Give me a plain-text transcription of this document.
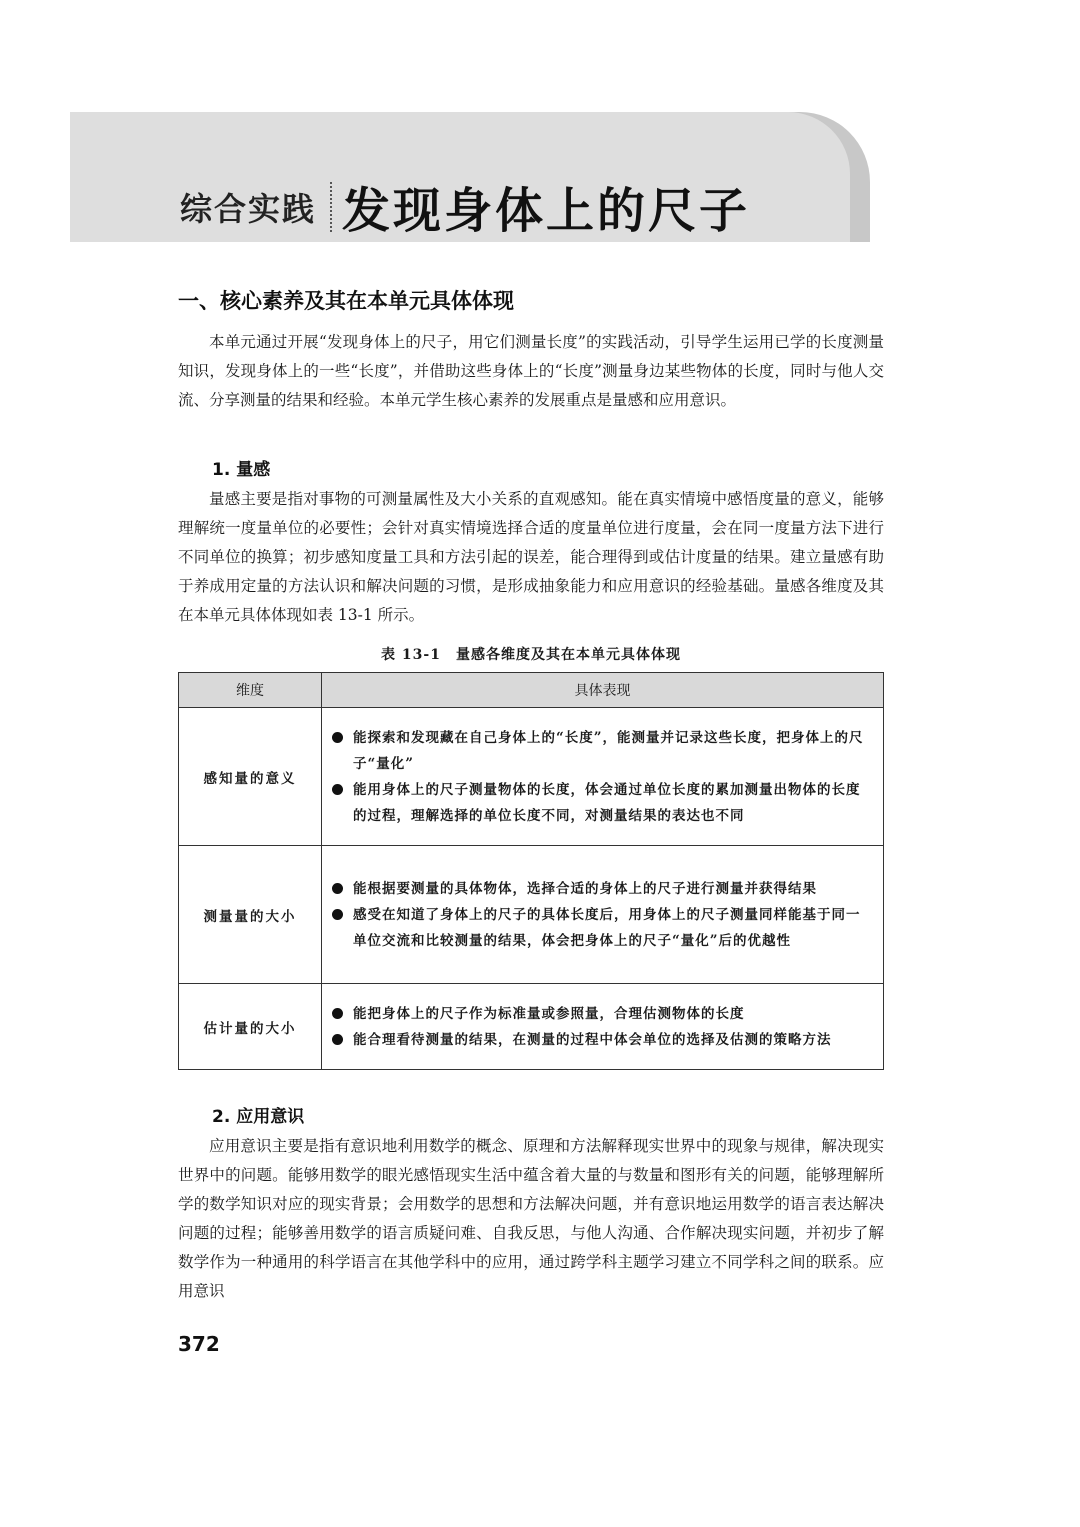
综合实践 发现身体上的尺子
一、核心素养及其在本单元具体体现
本单元通过开展“发现身体上的尺子，用它们测量长度”的实践活动，引导学生运用已学的长度测量知识，发现身体上的一些“长度”，并借助这些身体上的“长度”测量身边某些物体的长度，同时与他人交流、分享测量的结果和经验。本单元学生核心素养的发展重点是量感和应用意识。
1. 量感
量感主要是指对事物的可测量属性及大小关系的直观感知。能在真实情境中感悟度量的意义，能够理解统一度量单位的必要性；会针对真实情境选择合适的度量单位进行度量，会在同一度量方法下进行不同单位的换算；初步感知度量工具和方法引起的误差，能合理得到或估计度量的结果。建立量感有助于养成用定量的方法认识和解决问题的习惯，是形成抽象能力和应用意识的经验基础。量感各维度及其在本单元具体体现如表 13-1 所示。
表 13-1　量感各维度及其在本单元具体体现
维度	具体表现
感知量的意义	能探索和发现藏在自己身体上的“长度”，能测量并记录这些长度，把身体上的尺子“量化”
能用身体上的尺子测量物体的长度，体会通过单位长度的累加测量出物体的长度的过程，理解选择的单位长度不同，对测量结果的表达也不同

测量量的大小	能根据要测量的具体物体，选择合适的身体上的尺子进行测量并获得结果
感受在知道了身体上的尺子的具体长度后，用身体上的尺子测量同样能基于同一单位交流和比较测量的结果，体会把身体上的尺子“量化”后的优越性

估计量的大小	能把身体上的尺子作为标准量或参照量，合理估测物体的长度
能合理看待测量的结果，在测量的过程中体会单位的选择及估测的策略方法
2. 应用意识
应用意识主要是指有意识地利用数学的概念、原理和方法解释现实世界中的现象与规律，解决现实世界中的问题。能够用数学的眼光感悟现实生活中蕴含着大量的与数量和图形有关的问题，能够理解所学的数学知识对应的现实背景；会用数学的思想和方法解决问题，并有意识地运用数学的语言表达解决问题的过程；能够善用数学的语言质疑问难、自我反思，与他人沟通、合作解决现实问题，并初步了解数学作为一种通用的科学语言在其他学科中的应用，通过跨学科主题学习建立不同学科之间的联系。应用意识
372
